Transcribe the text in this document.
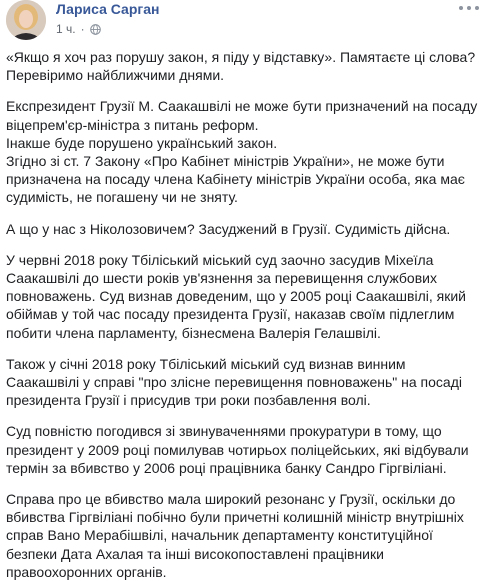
Лариса Сарган
1 ч. ·

«Якщо я хоч раз порушу закон, я піду у відставку». Памятаєте ці слова?
Перевіримо найближчими днями.

Експрезидент Грузії М. Саакашвілі не може бути призначений на посаду
віцепрем'єр-міністра з питань реформ.
Інакше буде порушено український закон.
Згідно зі ст. 7 Закону «Про Кабінет міністрів України», не може бути
призначена на посаду члена Кабінету міністрів України особа, яка має
судимість, не погашену чи не зняту.

А що у нас з Ніколозовичем? Засуджений в Грузії. Судимість дійсна.

У червні 2018 року Тбіліський міський суд заочно засудив Міхеїла
Саакашвілі до шести років ув'язнення за перевищення службових
повноважень. Суд визнав доведеним, що у 2005 році Саакашвілі, який
обіймав у той час посаду президента Грузії, наказав своїм підлеглим
побити члена парламенту, бізнесмена Валерія Гелашвілі.

Також у січні 2018 року Тбіліський міський суд визнав винним
Саакашвілі у справі "про злісне перевищення повноважень" на посаді
президента Грузії і присудив три роки позбавлення волі.

Суд повністю погодився зі звинуваченнями прокуратури в тому, що
президент у 2009 році помилував чотирьох поліцейських, які відбували
термін за вбивство у 2006 році працівника банку Сандро Гіргвіліані.

Справа про це вбивство мала широкий резонанс у Грузії, оскільки до
вбивства Гіргвіліані побічно були причетні колишній міністр внутрішніх
справ Вано Мерабішвілі, начальник департаменту конституційної
безпеки Дата Ахалая та інші високопоставлені працівники
правоохоронних органів.
